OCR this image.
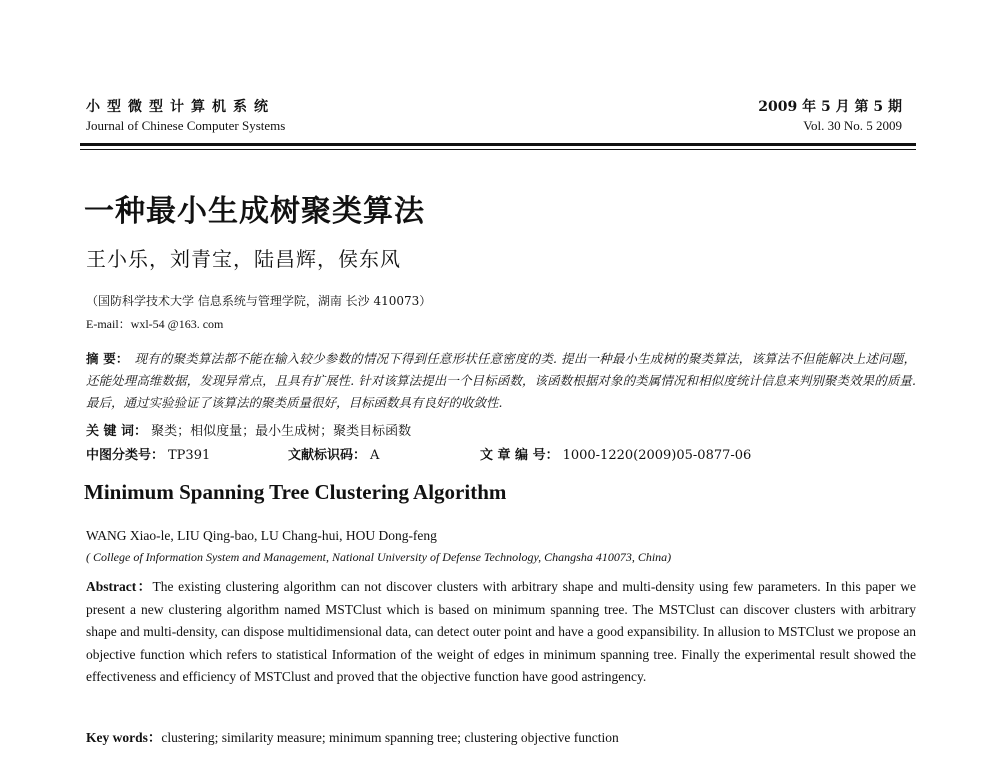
小型微型计算机系统
Journal of Chinese Computer Systems
2009 年 5 月 第 5 期
Vol. 30 No. 5 2009
一种最小生成树聚类算法
王小乐，刘青宝，陆昌辉，侯东风
（国防科学技术大学 信息系统与管理学院，湖南 长沙 410073）
E-mail：wxl-54 @163. com
摘 要： 现有的聚类算法都不能在输入较少参数的情况下得到任意形状任意密度的类. 提出一种最小生成树的聚类算法，该算法不但能解决上述问题，还能处理高维数据，发现异常点，且具有扩展性. 针对该算法提出一个目标函数，该函数根据对象的类属情况和相似度统计信息来判别聚类效果的质量. 最后，通过实验验证了该算法的聚类质量很好，目标函数具有良好的收敛性.
关 键 词： 聚类；相似度量；最小生成树；聚类目标函数
中图分类号： TP391	文献标识码： A	文 章 编 号： 1000-1220(2009)05-0877-06
Minimum Spanning Tree Clustering Algorithm
WANG Xiao-le, LIU Qing-bao, LU Chang-hui, HOU Dong-feng
( College of Information System and Management, National University of Defense Technology, Changsha 410073, China)
Abstract：The existing clustering algorithm can not discover clusters with arbitrary shape and multi-density using few parameters. In this paper we present a new clustering algorithm named MSTClust which is based on minimum spanning tree. The MSTClust can discover clusters with arbitrary shape and multi-density, can dispose multidimensional data, can detect outer point and have a good expansibility. In allusion to MSTClust we propose an objective function which refers to statistical Information of the weight of edges in minimum spanning tree. Finally the experimental result showed the effectiveness and efficiency of MSTClust and proved that the objective function have good astringency.
Key words：clustering; similarity measure; minimum spanning tree; clustering objective function
